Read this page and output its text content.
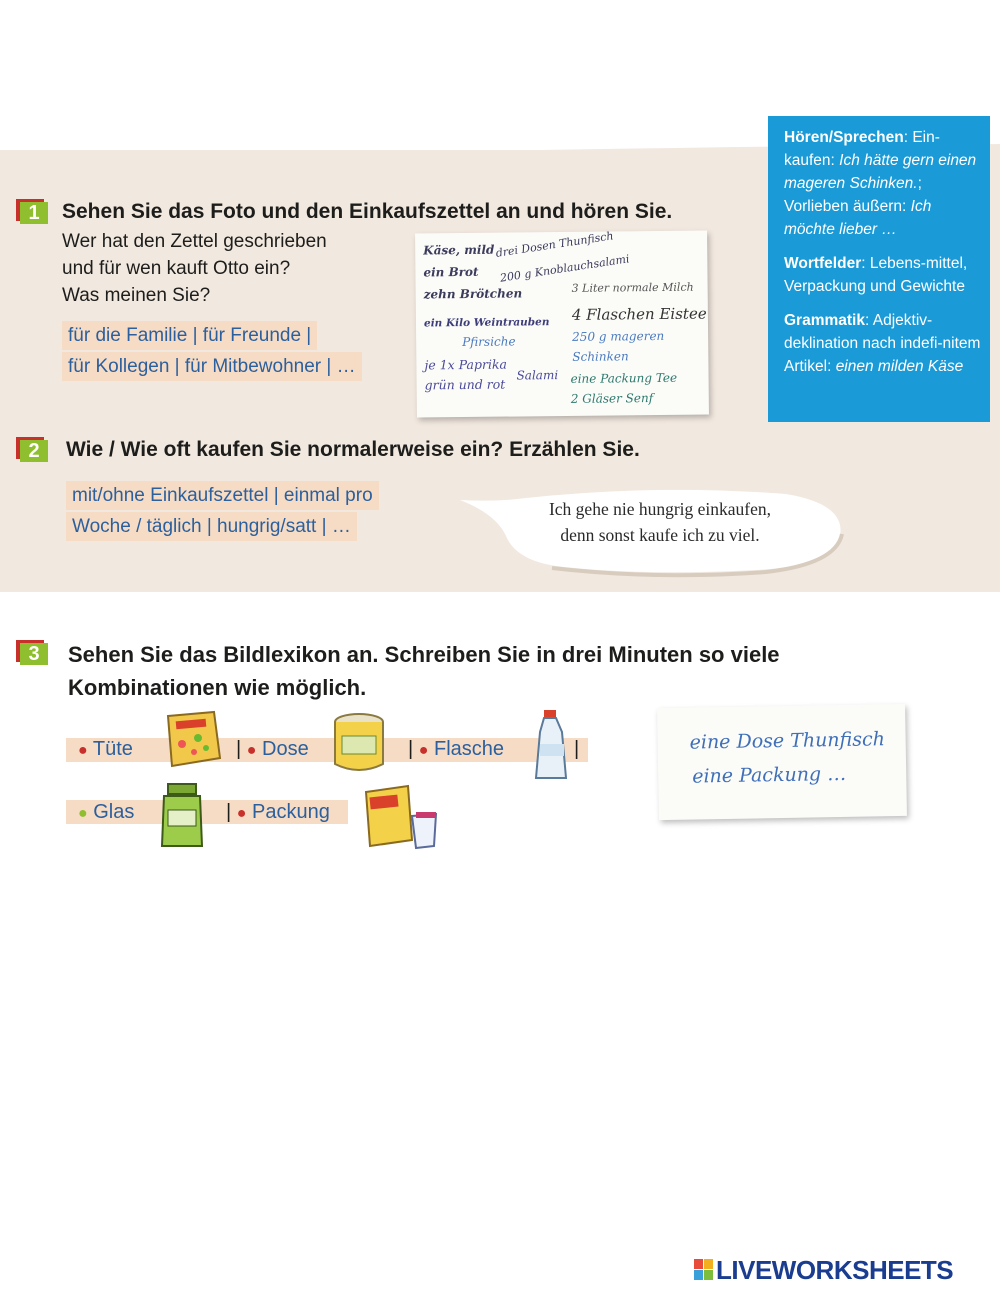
Hören/Sprechen: Ein-kaufen: Ich hätte gern einen mageren Schinken.; Vorlieben äußern: Ich möchte lieber …

Wortfelder: Lebens-mittel, Verpackung und Gewichte

Grammatik: Adjektiv-deklination nach indefi-nitem Artikel: einen milden Käse

1	Sehen Sie das Foto und den Einkaufszettel an und hören Sie.
Wer hat den Zettel geschrieben
und für wen kauft Otto ein?
Was meinen Sie?
für die Familie | für Freunde |
für Kollegen | für Mitbewohner | …
Käse, mild
ein Brot
zehn Brötchen
ein Kilo Weintrauben
Pfirsiche
je 1x Paprika
grün und rot
drei Dosen Thunfisch
200 g Knoblauchsalami
Salami
3 Liter normale Milch
4 Flaschen Eistee
250 g mageren
Schinken
eine Packung Tee
2 Gläser Senf
2	Wie / Wie oft kaufen Sie normalerweise ein? Erzählen Sie.
mit/ohne Einkaufszettel | einmal pro
Woche / täglich | hungrig/satt | …
Ich gehe nie hungrig einkaufen,
denn sonst kaufe ich zu viel.
3	Sehen Sie das Bildlexikon an. Schreiben Sie in drei Minuten so viele
Kombinationen wie möglich.
● Tüte	| ● Dose	| ● Flasche	|
● Glas	| ● Packung
eine Dose Thunfisch
eine Packung …
LIVEWORKSHEETS
